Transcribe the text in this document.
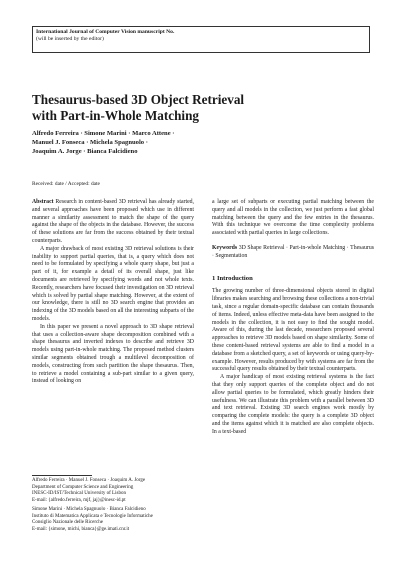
International Journal of Computer Vision manuscript No.
(will be inserted by the editor)
Thesaurus-based 3D Object Retrieval
with Part-in-Whole Matching
Alfredo Ferreira · Simone Marini · Marco Attene ·
Manuel J. Fonseca · Michela Spagnuolo ·
Joaquim A. Jorge · Bianca Falcidieno
Received: date / Accepted: date

Abstract Research in content-based 3D retrieval has already started, and several approaches have been proposed which use in different manner a similarity assessment to match the shape of the query against the shape of the objects in the database. However, the success of these solutions are far from the success obtained by their textual counterparts.

A major drawback of most existing 3D retrieval solutions is their inability to support partial queries, that is, a query which does not need to be formulated by specifying a whole query shape, but just a part of it, for example a detail of its overall shape, just like documents are retrieved by specifying words and not whole texts. Recently, researchers have focused their investigation on 3D retrieval which is solved by partial shape matching. However, at the extent of our knowledge, there is still no 3D search engine that provides an indexing of the 3D models based on all the interesting subparts of the models.

In this paper we present a novel approach to 3D shape retrieval that uses a collection-aware shape decomposition combined with a shape thesaurus and inverted indexes to describe and retrieve 3D models using part-in-whole matching. The proposed method clusters similar segments obtained trough a multilevel decomposition of models, constructing from such partition the shape thesaurus. Then, to retrieve a model containing a sub-part similar to a given query, instead of looking on

a large set of subparts or executing partial matching between the query and all models in the collection, we just perform a fast global matching between the query and the few entries in the thesaurus. With this technique we overcome the time complexity problems associated with partial queries in large collections.

Keywords 3D Shape Retrieval · Part-in-whole Matching · Thesaurus · Segmentation

1 Introduction

The growing number of three-dimensional objects stored in digital libraries makes searching and browsing these collections a non-trivial task, since a regular domain-specific database can contain thousands of items. Indeed, unless effective meta-data have been assigned to the models in the collection, it is not easy to find the sought model. Aware of this, during the last decade, researchers proposed several approaches to retrieve 3D models based on shape similarity. Some of these content-based retrieval systems are able to find a model in a database from a sketched query, a set of keywords or using query-by-example. However, results produced by with systems are far from the successful query results obtained by their textual counterparts.

A major handicap of most existing retrieval systems is the fact that they only support queries of the complete object and do not allow partial queries to be formulated, which greatly hinders their usefulness. We can illustrate this problem with a parallel between 3D and text retrieval. Existing 3D search engines work mostly by comparing the complete models: the query is a complete 3D object and the items against which it is matched are also complete objects. In a text-based

Alfredo Ferreira · Manuel J. Fonseca · Joaquim A. Jorge
Department of Computer Science and Engineering
INESC-ID/IST/Technical University of Lisbon
E-mail: {alfredo.ferreira, mjf, jaj}@inesc-id.pt
Simone Marini · Michela Spagnuolo · Bianca Falcidieno
Instituto di Matematica Applicata e Tecnologie Informatiche
Consiglio Nazionale delle Ricerche
E-mail: {simone, michi, bianca}@ge.imati.cnr.it
